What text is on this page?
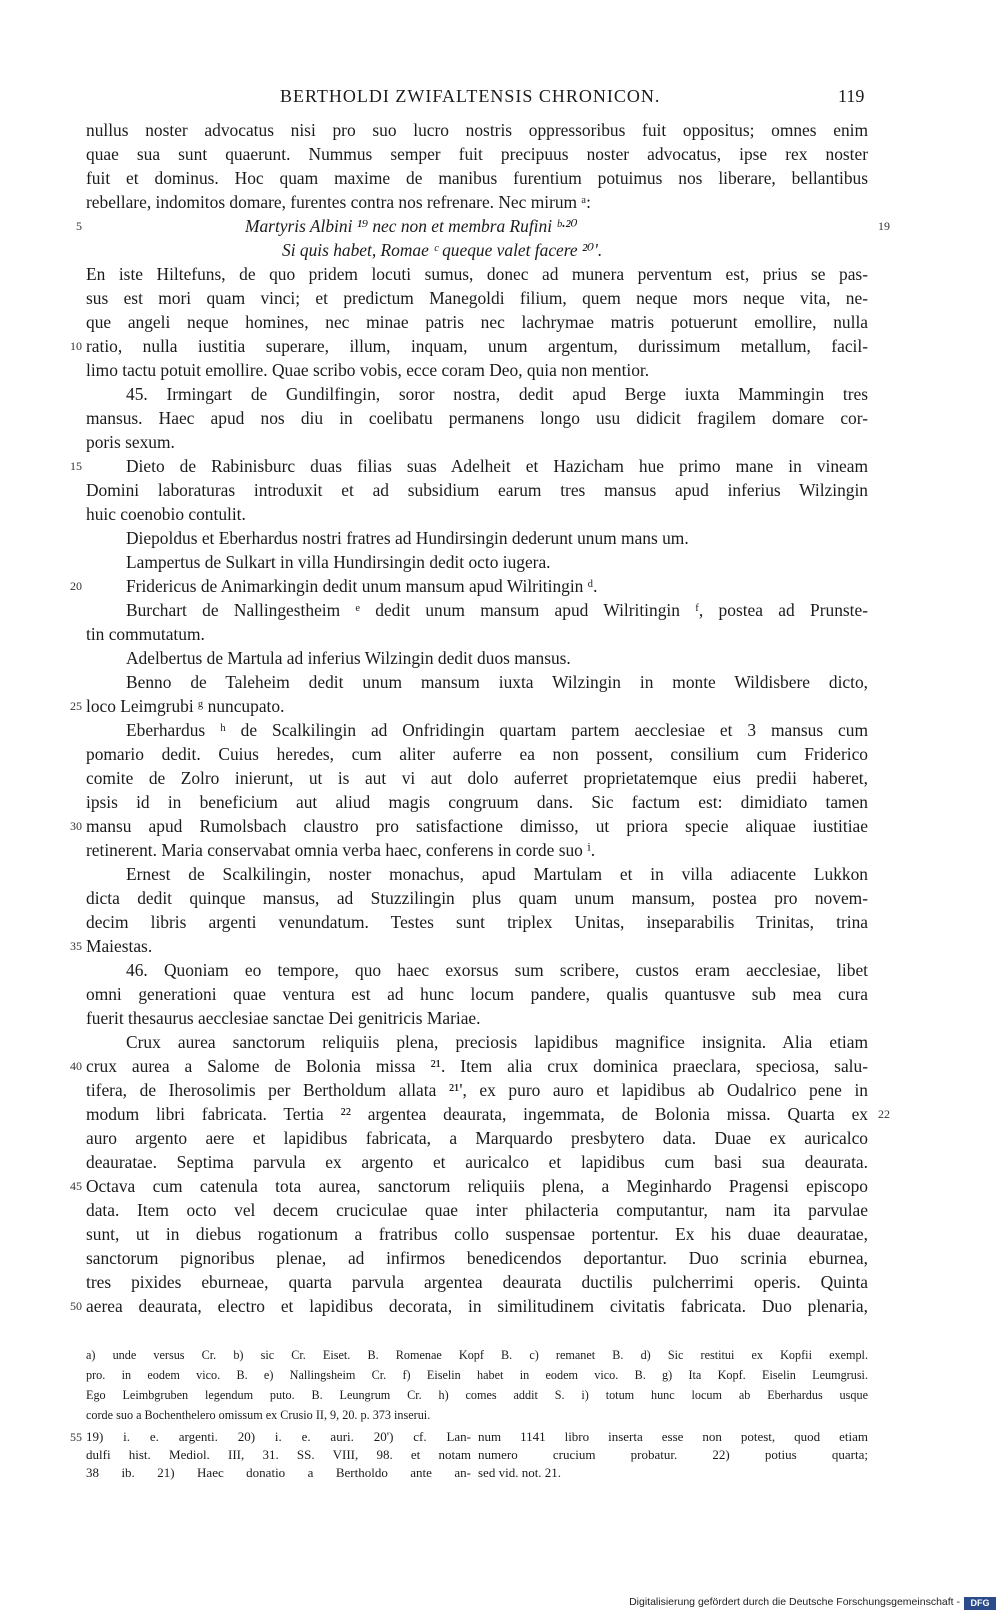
BERTHOLDI ZWIFALTENSIS CHRONICON.	119
nullus noster advocatus nisi pro suo lucro nostris oppressoribus fuit oppositus; omnes enim
quae sua sunt quaerunt. Nummus semper fuit precipuus noster advocatus, ipse rex noster
fuit et dominus. Hoc quam maxime de manibus furentium potuimus nos liberare, bellantibus
rebellare, indomitos domare, furentes contra nos refrenare. Nec mirum ᵃ:
Martyris Albini ¹⁹ nec non et membra Rufini ᵇ·²⁰
5	19
Si quis habet, Romae ᶜ queque valet facere ²⁰'.
En iste Hiltefuns, de quo pridem locuti sumus, donec ad munera perventum est, prius se pas-
sus est mori quam vinci; et predictum Manegoldi filium, quem neque mors neque vita, ne-
que angeli neque homines, nec minae patris nec lachrymae matris potuerunt emollire, nulla
ratio, nulla iustitia superare, illum, inquam, unum argentum, durissimum metallum, facil-
10
limo tactu potuit emollire. Quae scribo vobis, ecce coram Deo, quia non mentior.
45. Irmingart de Gundilfingin, soror nostra, dedit apud Berge iuxta Mammingin tres
mansus. Haec apud nos diu in coelibatu permanens longo usu didicit fragilem domare cor-
poris sexum.
Dieto de Rabinisburc duas filias suas Adelheit et Hazicham hue primo mane in vineam
15
Domini laboraturas introduxit et ad subsidium earum tres mansus apud inferius Wilzingin
huic coenobio contulit.
Diepoldus et Eberhardus nostri fratres ad Hundirsingin dederunt unum mans um.
Lampertus de Sulkart in villa Hundirsingin dedit octo iugera.
Fridericus de Animarkingin dedit unum mansum apud Wilritingin ᵈ.
20
Burchart de Nallingestheim ᵉ dedit unum mansum apud Wilritingin ᶠ, postea ad Prunste-
tin commutatum.
Adelbertus de Martula ad inferius Wilzingin dedit duos mansus.
Benno de Taleheim dedit unum mansum iuxta Wilzingin in monte Wildisbere dicto,
loco Leimgrubi ᵍ nuncupato.
25
Eberhardus ʰ de Scalkilingin ad Onfridingin quartam partem aecclesiae et 3 mansus cum
pomario dedit. Cuius heredes, cum aliter auferre ea non possent, consilium cum Friderico
comite de Zolro inierunt, ut is aut vi aut dolo auferret proprietatemque eius predii haberet,
ipsis id in beneficium aut aliud magis congruum dans. Sic factum est: dimidiato tamen
mansu apud Rumolsbach claustro pro satisfactione dimisso, ut priora specie aliquae iustitiae
30
retinerent. Maria conservabat omnia verba haec, conferens in corde suo ⁱ.
Ernest de Scalkilingin, noster monachus, apud Martulam et in villa adiacente Lukkon
dicta dedit quinque mansus, ad Stuzzilingin plus quam unum mansum, postea pro novem-
decim libris argenti venundatum. Testes sunt triplex Unitas, inseparabilis Trinitas, trina
Maiestas.
35
46. Quoniam eo tempore, quo haec exorsus sum scribere, custos eram aecclesiae, libet
omni generationi quae ventura est ad hunc locum pandere, qualis quantusve sub mea cura
fuerit thesaurus aecclesiae sanctae Dei genitricis Mariae.
Crux aurea sanctorum reliquiis plena, preciosis lapidibus magnifice insignita. Alia etiam
crux aurea a Salome de Bolonia missa ²¹. Item alia crux dominica praeclara, speciosa, salu-
40
tifera, de Iherosolimis per Bertholdum allata ²¹', ex puro auro et lapidibus ab Oudalrico pene in
modum libri fabricata. Tertia ²² argentea deaurata, ingemmata, de Bolonia missa. Quarta ex 22
auro argento aere et lapidibus fabricata, a Marquardo presbytero data. Duae ex auricalco
deauratae. Septima parvula ex argento et auricalco et lapidibus cum basi sua deaurata.
Octava cum catenula tota aurea, sanctorum reliquiis plena, a Meginhardo Pragensi episcopo
45
data. Item octo vel decem cruciculae quae inter philacteria computantur, nam ita parvulae
sunt, ut in diebus rogationum a fratribus collo suspensae portentur. Ex his duae deauratae,
sanctorum pignoribus plenae, ad infirmos benedicendos deportantur. Duo scrinia eburnea,
tres pixides eburneae, quarta parvula argentea deaurata ductilis pulcherrimi operis. Quinta
aerea deaurata, electro et lapidibus decorata, in similitudinem civitatis fabricata. Duo plenaria,
50
a) unde versus Cr. b) sic Cr. Eiset. B. Romenae Kopf B. c) remanet B. d) Sic restitui ex Kopfii exempl.
pro. in eodem vico. B. e) Nallingsheim Cr. f) Eiselin habet in eodem vico. B. g) Ita Kopf. Eiselin Leumgrusi.
Ego Leimbgruben legendum puto. B. Leungrum Cr. h) comes addit S. i) totum hunc locum ab Eberhardus usque
corde suo a Bochenthelero omissum ex Crusio II, 9, 20. p. 373 inserui.
55 19) i. e. argenti. 20) i. e. auri. 20') cf. Lan- num 1141 libro inserta esse non potest, quod etiam
dulfi hist. Mediol. III, 31. SS. VIII, 98. et notam numero crucium probatur. 22) potius quarta;
38 ib. 21) Haec donatio a Bertholdo ante an- sed vid. not. 21.
Digitalisierung gefördert durch die Deutsche Forschungsgemeinschaft -	DFG
